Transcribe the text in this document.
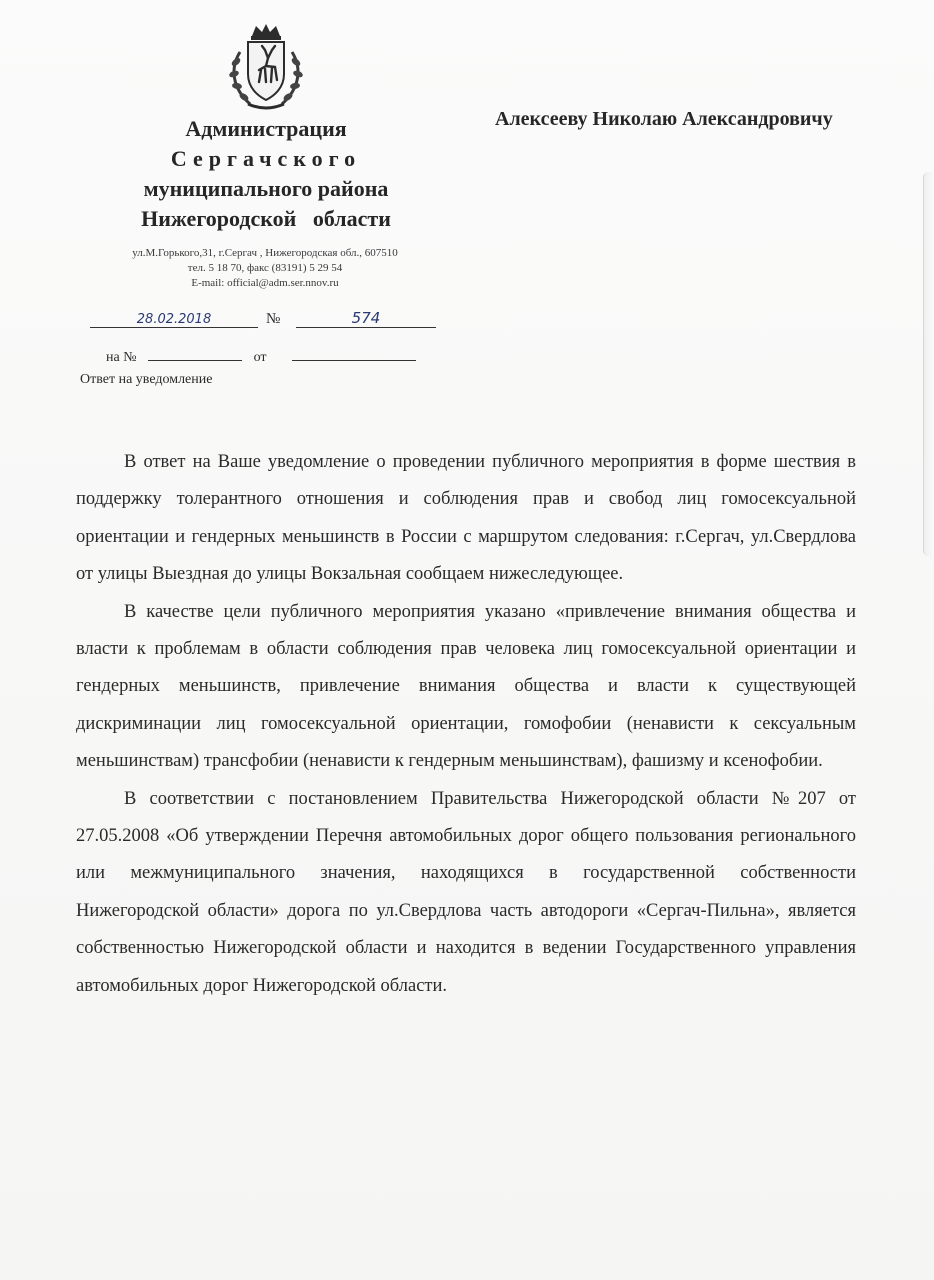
Администрация
Сергачского
муниципального района
Нижегородской   области
Алексееву Николаю Александровичу
ул.М.Горького,31, г.Сергач , Нижегородская обл., 607510
тел. 5 18 70, факс (83191) 5 29 54
E-mail: official@adm.ser.nnov.ru
28.02.2018	№	574
на №	от
Ответ на уведомление

В ответ на Ваше уведомление о проведении публичного мероприятия в форме шествия в поддержку толерантного отношения и соблюдения прав и свобод лиц гомосексуальной ориентации и гендерных меньшинств в России с маршрутом следования: г.Сергач, ул.Свердлова от улицы Выездная до улицы Вокзальная сообщаем нижеследующее.

В качестве цели публичного мероприятия указано «привлечение внимания общества и власти к проблемам в области соблюдения прав человека лиц гомосексуальной ориентации и гендерных меньшинств, привлечение внимания общества и власти к существующей дискриминации лиц гомосексуальной ориентации, гомофобии (ненависти к сексуальным меньшинствам) трансфобии (ненависти к гендерным меньшинствам), фашизму и ксенофобии.

В соответствии с постановлением Правительства Нижегородской области №207 от 27.05.2008 «Об утверждении Перечня автомобильных дорог общего пользования регионального или межмуниципального значения, находящихся в государственной собственности Нижегородской области» дорога по ул.Свердлова часть автодороги «Сергач-Пильна», является собственностью Нижегородской области и находится в ведении Государственного управления автомобильных дорог Нижегородской области.
